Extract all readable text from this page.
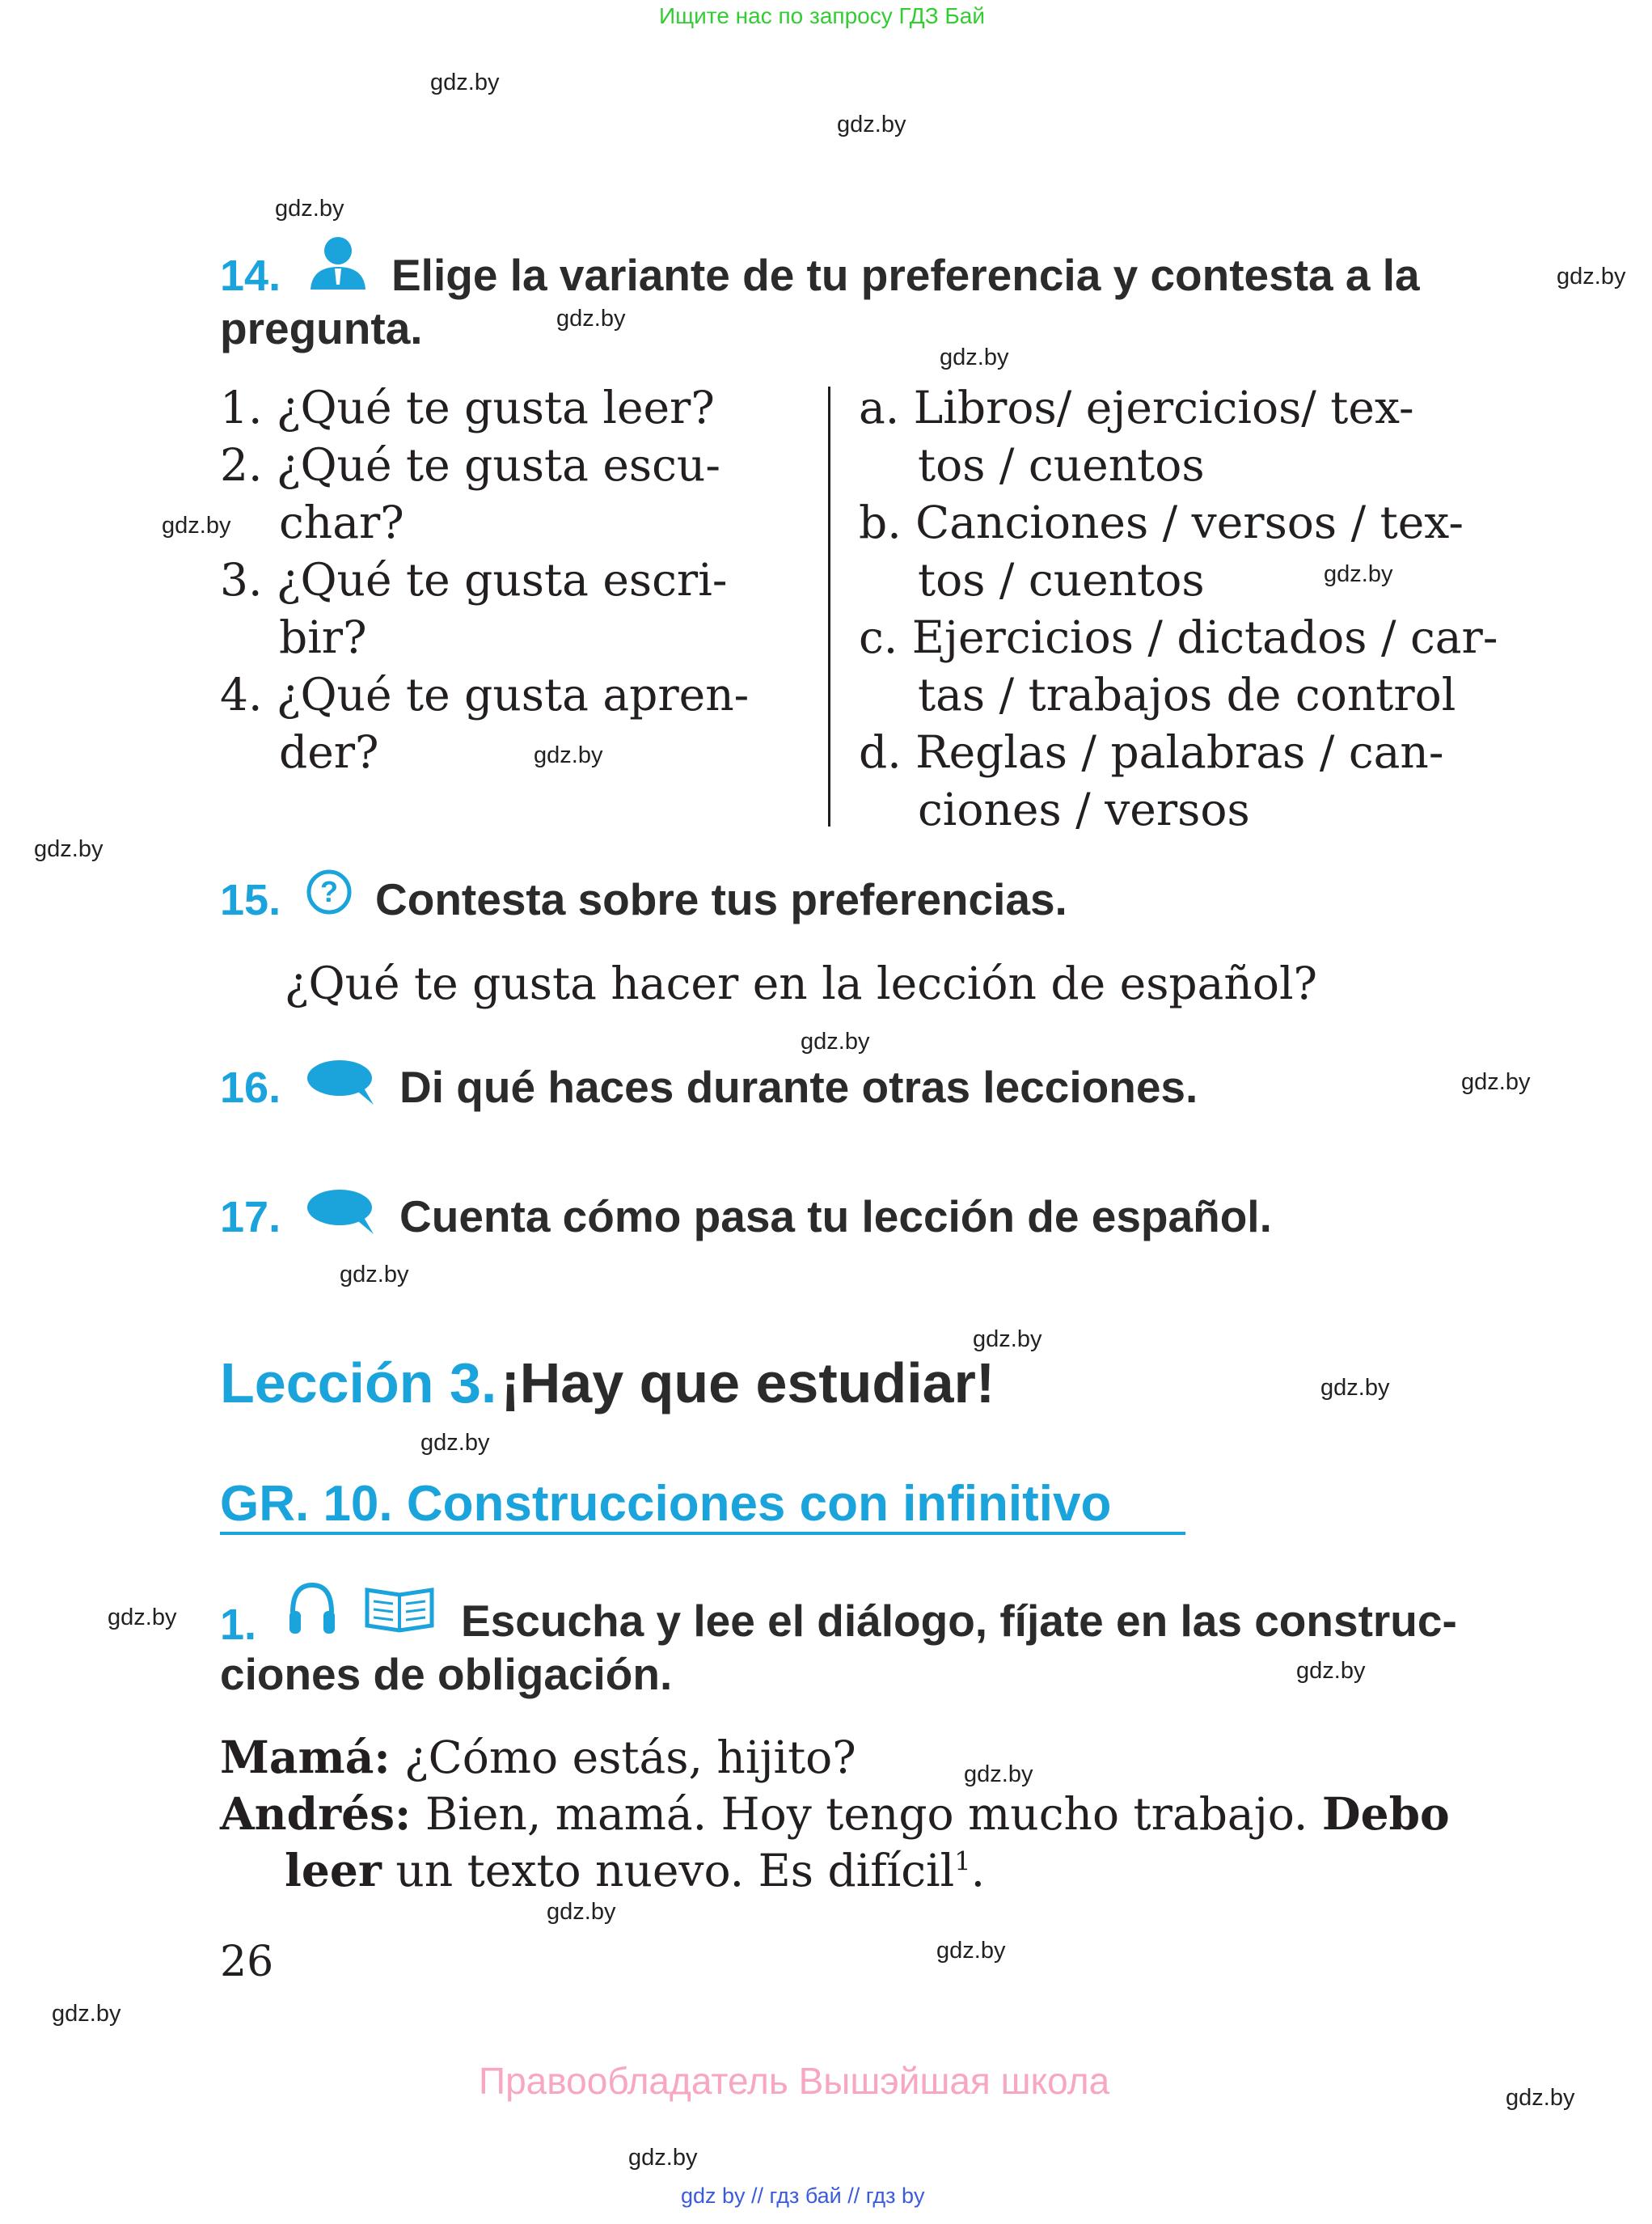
Ищите нас по запросу ГДЗ Бай
gdz.by
gdz.by
gdz.by
gdz.by
gdz.by
gdz.by
gdz.by
gdz.by
gdz.by
gdz.by
gdz.by
gdz.by
gdz.by
gdz.by
gdz.by
gdz.by
gdz.by
gdz.by
gdz.by
gdz.by
gdz.by
gdz.by
gdz.by
gdz.by
14. Elige la variante de tu preferencia y contesta a la
pregunta.
1. ¿Qué te gusta leer?
2. ¿Qué te gusta escu-
char?
3. ¿Qué te gusta escri-
bir?
4. ¿Qué te gusta apren-
der?
a. Libros/ ejercicios/ tex-
tos / cuentos
b. Canciones / versos / tex-
tos / cuentos
c. Ejercicios / dictados / car-
tas / trabajos de control
d. Reglas / palabras / can-
ciones / versos
15. ? Contesta sobre tus preferencias.
¿Qué te gusta hacer en la lección de español?
16.	Di qué haces durante otras lecciones.
17.	Cuenta cómo pasa tu lección de español.
Lección 3. ¡Hay que estudiar!
GR. 10. Construcciones con infinitivo
1.	Escucha y lee el diálogo, fíjate en las construc-
ciones de obligación.
Mamá: ¿Cómo estás, hijito?
Andrés: Bien, mamá. Hoy tengo mucho trabajo. Debo
leer un texto nuevo. Es difícil$^1$.
26
Правообладатель Вышэйшая школа
gdz by // гдз бай // гдз by
